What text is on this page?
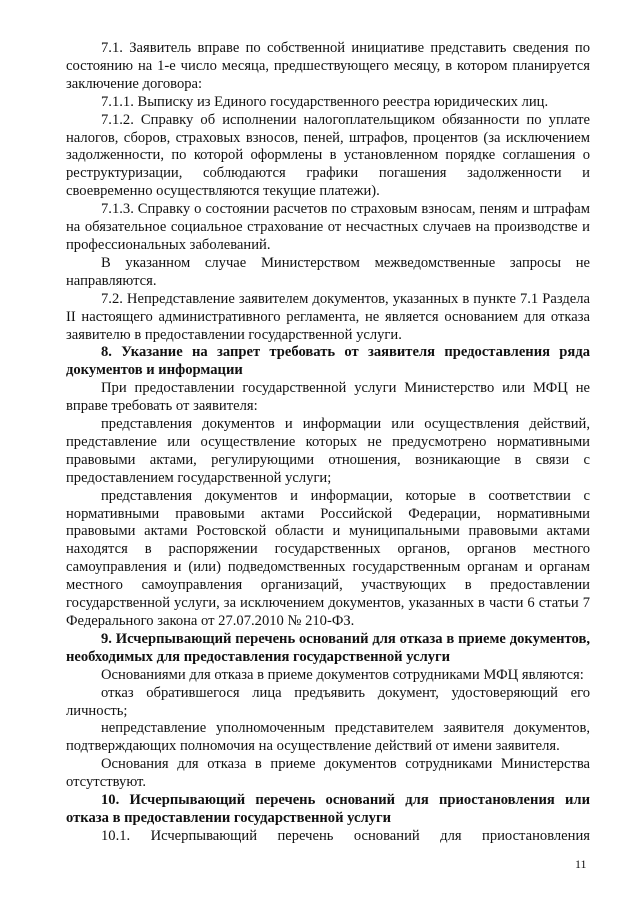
7.1. Заявитель вправе по собственной инициативе представить сведения по состоянию на 1-е число месяца, предшествующего месяцу, в котором планируется заключение договора:

7.1.1. Выписку из Единого государственного реестра юридических лиц.

7.1.2. Справку об исполнении налогоплательщиком обязанности по уплате налогов, сборов, страховых взносов, пеней, штрафов, процентов (за исключением задолженности, по которой оформлены в установленном порядке соглашения о реструктуризации, соблюдаются графики погашения задолженности и своевременно осуществляются текущие платежи).

7.1.3. Справку о состоянии расчетов по страховым взносам, пеням и штрафам на обязательное социальное страхование от несчастных случаев на производстве и профессиональных заболеваний.

В указанном случае Министерством межведомственные запросы не направляются.

7.2. Непредставление заявителем документов, указанных в пункте 7.1 Раздела II настоящего административного регламента, не является основанием для отказа заявителю в предоставлении государственной услуги.

8. Указание на запрет требовать от заявителя предоставления ряда документов и информации

При предоставлении государственной услуги Министерство или МФЦ не вправе требовать от заявителя:

представления документов и информации или осуществления действий, представление или осуществление которых не предусмотрено нормативными правовыми актами, регулирующими отношения, возникающие в связи с предоставлением государственной услуги;

представления документов и информации, которые в соответствии с нормативными правовыми актами Российской Федерации, нормативными правовыми актами Ростовской области и муниципальными правовыми актами находятся в распоряжении государственных органов, органов местного самоуправления и (или) подведомственных государственным органам и органам местного самоуправления организаций, участвующих в предоставлении государственной услуги, за исключением документов, указанных в части 6 статьи 7 Федерального закона от 27.07.2010 № 210-ФЗ.

9. Исчерпывающий перечень оснований для отказа в приеме документов, необходимых для предоставления государственной услуги

Основаниями для отказа в приеме документов сотрудниками МФЦ являются:

отказ обратившегося лица предъявить документ, удостоверяющий его личность;

непредставление уполномоченным представителем заявителя документов, подтверждающих полномочия на осуществление действий от имени заявителя.

Основания для отказа в приеме документов сотрудниками Министерства отсутствуют.

10. Исчерпывающий перечень оснований для приостановления или отказа в предоставлении государственной услуги

10.1. Исчерпывающий перечень оснований для приостановления

11
